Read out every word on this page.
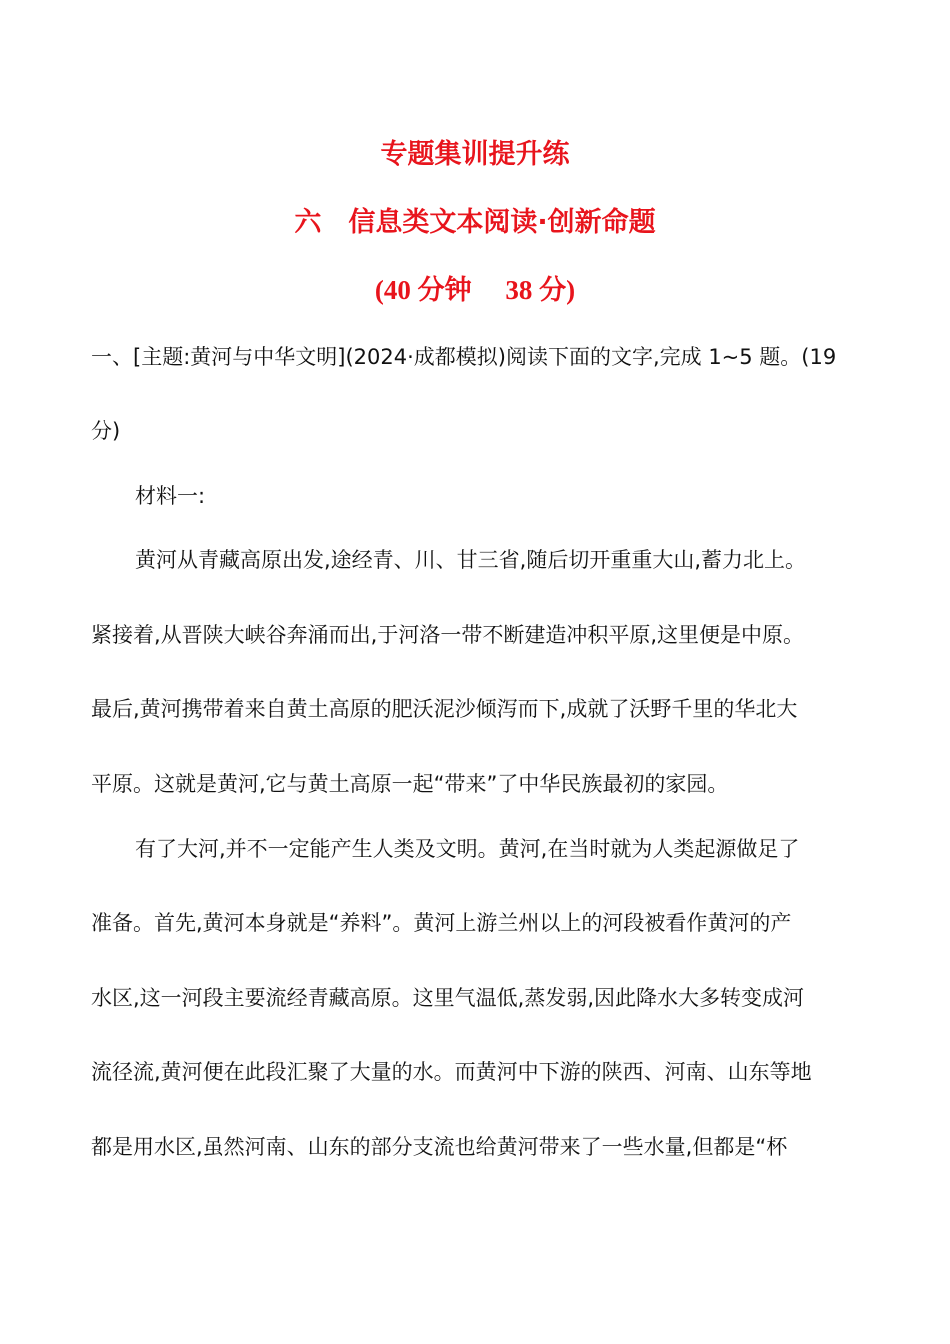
专题集训提升练
六　信息类文本阅读·创新命题
(40 分钟　 38 分)

一、[主题:黄河与中华文明](2024·成都模拟)阅读下面的文字,完成 1~5 题。(19

分)

材料一:

黄河从青藏高原出发,途经青、川、甘三省,随后切开重重大山,蓄力北上。

紧接着,从晋陕大峡谷奔涌而出,于河洛一带不断建造冲积平原,这里便是中原。

最后,黄河携带着来自黄土高原的肥沃泥沙倾泻而下,成就了沃野千里的华北大

平原。这就是黄河,它与黄土高原一起“带来”了中华民族最初的家园。

有了大河,并不一定能产生人类及文明。黄河,在当时就为人类起源做足了

准备。首先,黄河本身就是“养料”。黄河上游兰州以上的河段被看作黄河的产

水区,这一河段主要流经青藏高原。这里气温低,蒸发弱,因此降水大多转变成河

流径流,黄河便在此段汇聚了大量的水。而黄河中下游的陕西、河南、山东等地

都是用水区,虽然河南、山东的部分支流也给黄河带来了一些水量,但都是“杯
